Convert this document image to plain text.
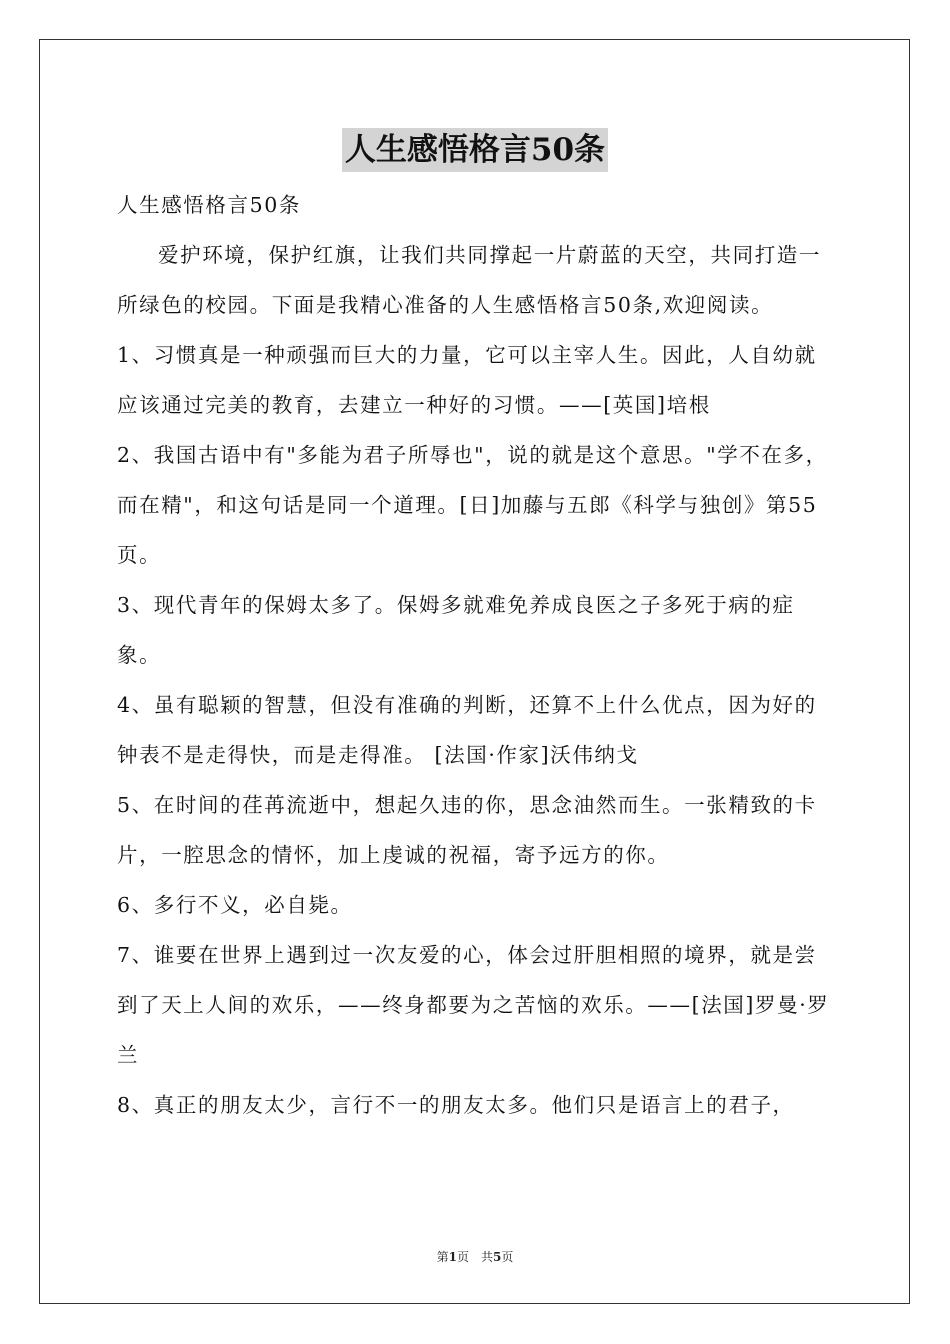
人生感悟格言50条

人生感悟格言50条

爱护环境，保护红旗，让我们共同撑起一片蔚蓝的天空，共同打造一所绿色的校园。下面是我精心准备的人生感悟格言50条,欢迎阅读。

1、习惯真是一种顽强而巨大的力量，它可以主宰人生。因此，人自幼就应该通过完美的教育，去建立一种好的习惯。——[英国]培根

2、我国古语中有"多能为君子所辱也"，说的就是这个意思。"学不在多，而在精"，和这句话是同一个道理。[日]加藤与五郎《科学与独创》第55页。

3、现代青年的保姆太多了。保姆多就难免养成良医之子多死于病的症象。

4、虽有聪颖的智慧，但没有准确的判断，还算不上什么优点，因为好的钟表不是走得快，而是走得准。 [法国·作家]沃伟纳戈

5、在时间的荏苒流逝中，想起久违的你，思念油然而生。一张精致的卡片，一腔思念的情怀，加上虔诚的祝福，寄予远方的你。

6、多行不义，必自毙。

7、谁要在世界上遇到过一次友爱的心，体会过肝胆相照的境界，就是尝到了天上人间的欢乐，——终身都要为之苦恼的欢乐。——[法国]罗曼·罗兰

8、真正的朋友太少，言行不一的朋友太多。他们只是语言上的君子，

第1页　共5页
